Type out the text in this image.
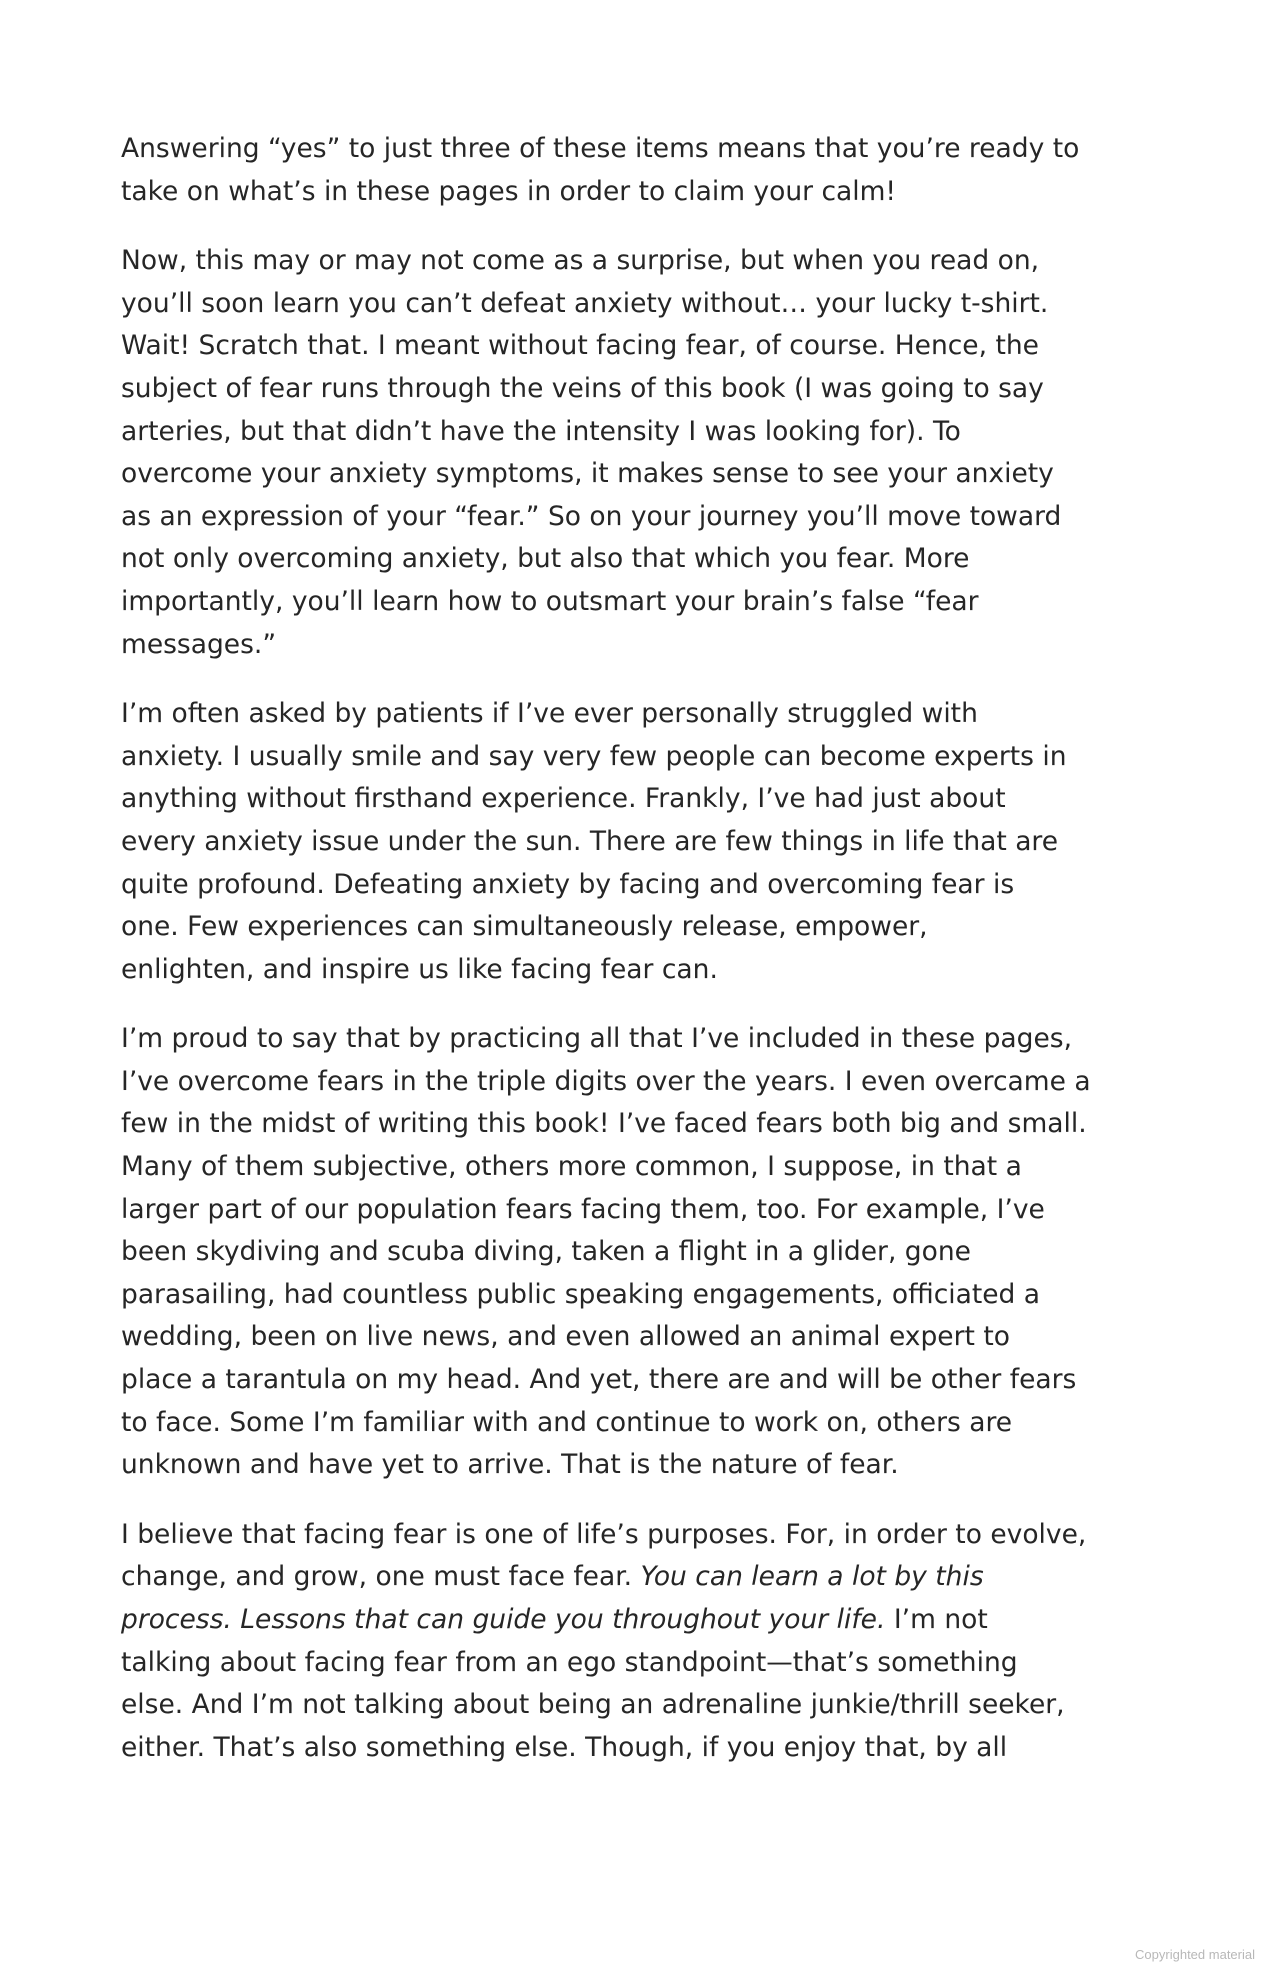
Answering “yes” to just three of these items means that you’re ready to
take on what’s in these pages in order to claim your calm!

Now, this may or may not come as a surprise, but when you read on,
you’ll soon learn you can’t defeat anxiety without… your lucky t-shirt.
Wait! Scratch that. I meant without facing fear, of course. Hence, the
subject of fear runs through the veins of this book (I was going to say
arteries, but that didn’t have the intensity I was looking for). To
overcome your anxiety symptoms, it makes sense to see your anxiety
as an expression of your “fear.” So on your journey you’ll move toward
not only overcoming anxiety, but also that which you fear. More
importantly, you’ll learn how to outsmart your brain’s false “fear
messages.”

I’m often asked by patients if I’ve ever personally struggled with
anxiety. I usually smile and say very few people can become experts in
anything without firsthand experience. Frankly, I’ve had just about
every anxiety issue under the sun. There are few things in life that are
quite profound. Defeating anxiety by facing and overcoming fear is
one. Few experiences can simultaneously release, empower,
enlighten, and inspire us like facing fear can.

I’m proud to say that by practicing all that I’ve included in these pages,
I’ve overcome fears in the triple digits over the years. I even overcame a
few in the midst of writing this book! I’ve faced fears both big and small.
Many of them subjective, others more common, I suppose, in that a
larger part of our population fears facing them, too. For example, I’ve
been skydiving and scuba diving, taken a flight in a glider, gone
parasailing, had countless public speaking engagements, officiated a
wedding, been on live news, and even allowed an animal expert to
place a tarantula on my head. And yet, there are and will be other fears
to face. Some I’m familiar with and continue to work on, others are
unknown and have yet to arrive. That is the nature of fear.

I believe that facing fear is one of life’s purposes. For, in order to evolve,
change, and grow, one must face fear. You can learn a lot by this
process. Lessons that can guide you throughout your life. I’m not
talking about facing fear from an ego standpoint—that’s something
else. And I’m not talking about being an adrenaline junkie/thrill seeker,
either. That’s also something else. Though, if you enjoy that, by all

Copyrighted material
